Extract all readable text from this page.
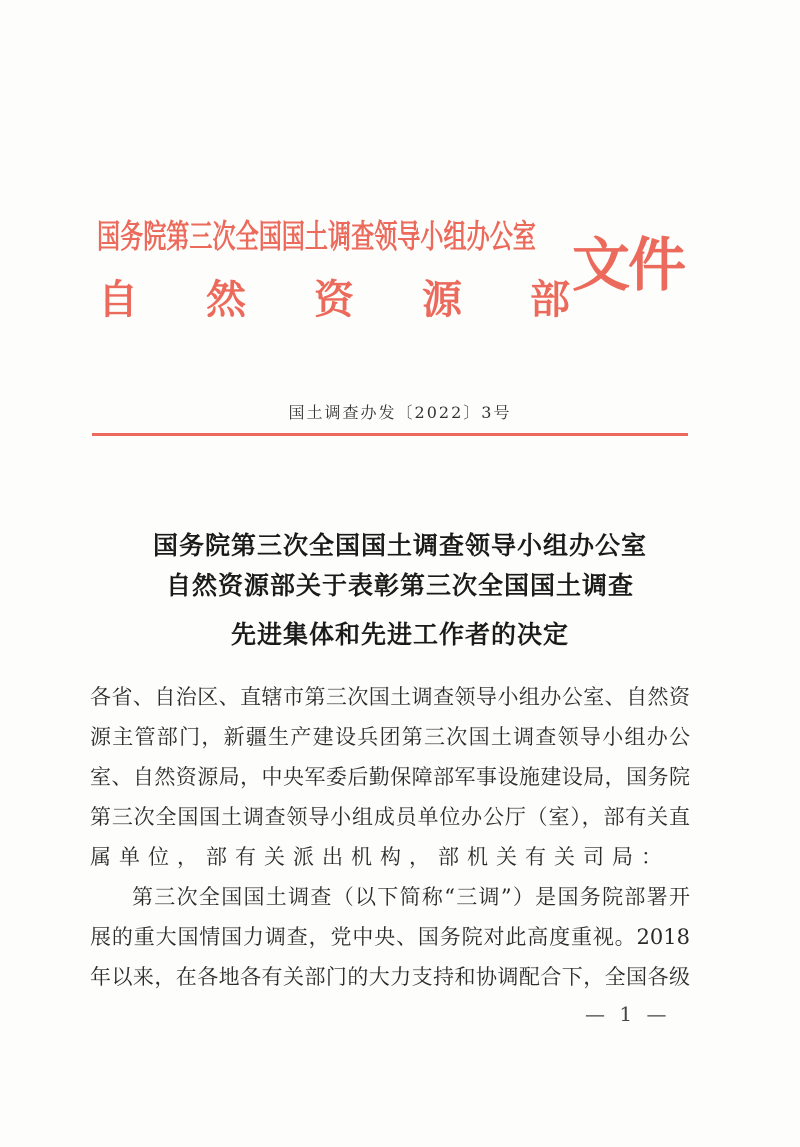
国务院第三次全国国土调查领导小组办公室
自 然 资 源 部
文件
国土调查办发〔2022〕3号
国务院第三次全国国土调查领导小组办公室
自然资源部关于表彰第三次全国国土调查
先进集体和先进工作者的决定
各省、自治区、直辖市第三次国土调查领导小组办公室、自然资
源主管部门，新疆生产建设兵团第三次国土调查领导小组办公
室、自然资源局，中央军委后勤保障部军事设施建设局，国务院
第三次全国国土调查领导小组成员单位办公厅（室），部有关直
属单位，部有关派出机构，部机关有关司局：
第三次全国国土调查（以下简称“三调”）是国务院部署开
展的重大国情国力调查，党中央、国务院对此高度重视。2018
年以来，在各地各有关部门的大力支持和协调配合下，全国各级
— 1 —
